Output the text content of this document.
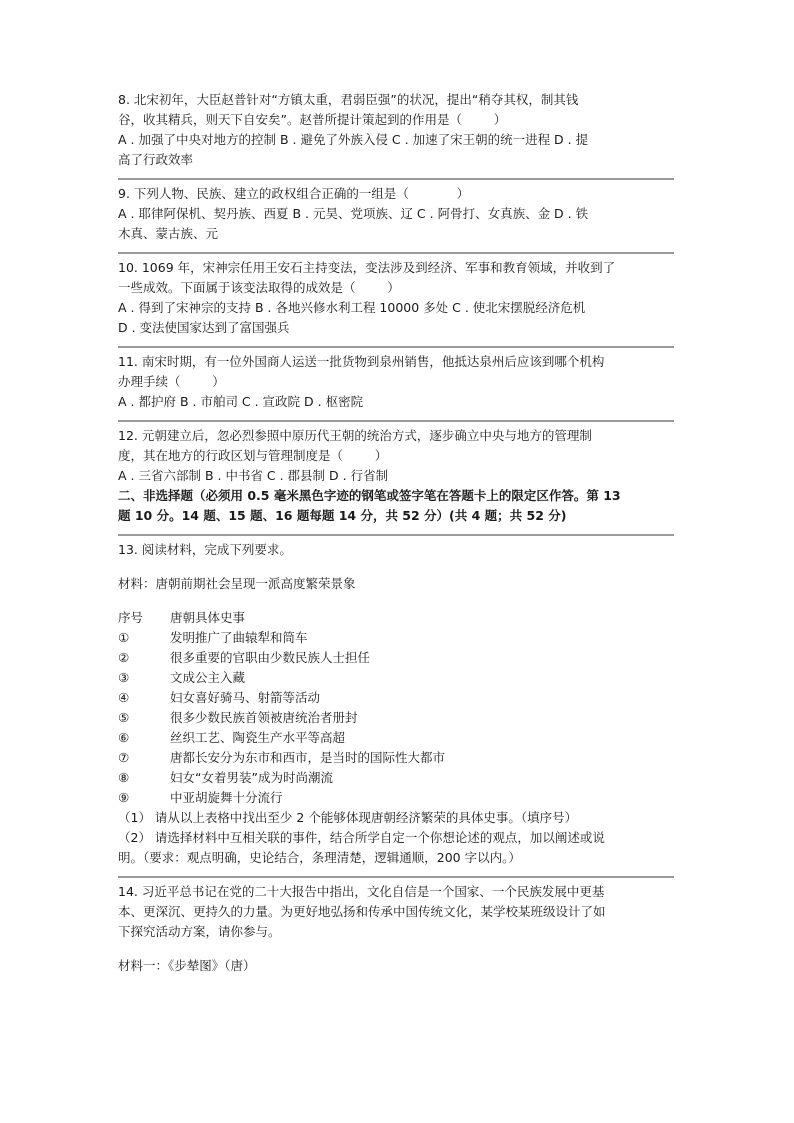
8. 北宋初年，大臣赵普针对“方镇太重，君弱臣强”的状况，提出“稍夺其权，制其钱
谷，收其精兵，则天下自安矣”。赵普所提计策起到的作用是（        ）
A . 加强了中央对地方的控制 B . 避免了外族入侵 C . 加速了宋王朝的统一进程 D . 提
高了行政效率
9. 下列人物、民族、建立的政权组合正确的一组是（            ）
A . 耶律阿保机、契丹族、西夏 B . 元昊、党项族、辽 C . 阿骨打、女真族、金 D . 铁
木真、蒙古族、元
10. 1069 年，宋神宗任用王安石主持变法，变法涉及到经济、军事和教育领域，并收到了
一些成效。下面属于该变法取得的成效是（        ）
A . 得到了宋神宗的支持 B . 各地兴修水利工程 10000 多处 C . 使北宋摆脱经济危机
D . 变法使国家达到了富国强兵
11. 南宋时期，有一位外国商人运送一批货物到泉州销售，他抵达泉州后应该到哪个机构
办理手续（        ）
A . 都护府 B . 市舶司 C . 宣政院 D . 枢密院
12. 元朝建立后，忽必烈参照中原历代王朝的统治方式，逐步确立中央与地方的管理制
度，其在地方的行政区划与管理制度是（        ）
A . 三省六部制 B . 中书省 C . 郡县制 D . 行省制
二、非选择题（必须用 0.5 毫米黑色字迹的钢笔或签字笔在答题卡上的限定区作答。第 13
题 10 分。14 题、15 题、16 题每题 14 分，共 52 分）(共 4 题；共 52 分)
13. 阅读材料，完成下列要求。
材料：唐朝前期社会呈现一派高度繁荣景象
序号	唐朝具体史事
①	发明推广了曲辕犁和筒车
②	很多重要的官职由少数民族人士担任
③	文成公主入藏
④	妇女喜好骑马、射箭等活动
⑤	很多少数民族首领被唐统治者册封
⑥	丝织工艺、陶瓷生产水平等高超
⑦	唐都长安分为东市和西市，是当时的国际性大都市
⑧	妇女“女着男装”成为时尚潮流
⑨	中亚胡旋舞十分流行
（1） 请从以上表格中找出至少 2 个能够体现唐朝经济繁荣的具体史事。（填序号）
（2） 请选择材料中互相关联的事件，结合所学自定一个你想论述的观点，加以阐述或说
明。（要求：观点明确，史论结合，条理清楚，逻辑通顺，200 字以内。）
14. 习近平总书记在党的二十大报告中指出，文化自信是一个国家、一个民族发展中更基
本、更深沉、更持久的力量。为更好地弘扬和传承中国传统文化，某学校某班级设计了如
下探究活动方案，请你参与。
材料一：《步辇图》（唐）
